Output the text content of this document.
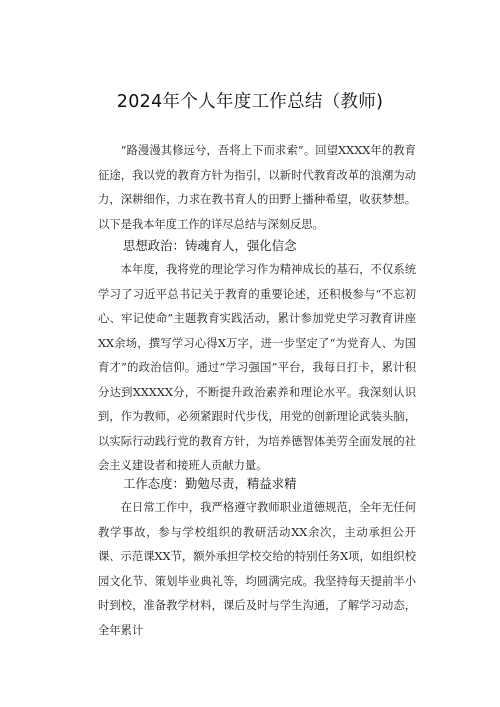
2024年个人年度工作总结（教师)

“路漫漫其修远兮，吾将上下而求索”。回望XXXX年的教育征途，我以党的教育方针为指引，以新时代教育改革的浪潮为动力，深耕细作，力求在教书育人的田野上播种希望，收获梦想。以下是我本年度工作的详尽总结与深刻反思。

思想政治：铸魂育人，强化信念

本年度，我将党的理论学习作为精神成长的基石，不仅系统学习了习近平总书记关于教育的重要论述，还积极参与“不忘初心、牢记使命”主题教育实践活动，累计参加党史学习教育讲座XX余场，撰写学习心得X万字，进一步坚定了“为党育人、为国育才”的政治信仰。通过“学习强国”平台，我每日打卡，累计积分达到XXXXX分，不断提升政治素养和理论水平。我深刻认识到，作为教师，必须紧跟时代步伐，用党的创新理论武装头脑，以实际行动践行党的教育方针，为培养德智体美劳全面发展的社会主义建设者和接班人贡献力量。

工作态度：勤勉尽责，精益求精

在日常工作中，我严格遵守教师职业道德规范，全年无任何教学事故，参与学校组织的教研活动XX余次，主动承担公开课、示范课XX节，额外承担学校交给的特别任务X项，如组织校园文化节、策划毕业典礼等，均圆满完成。我坚持每天提前半小时到校，准备教学材料，课后及时与学生沟通，了解学习动态，全年累计
